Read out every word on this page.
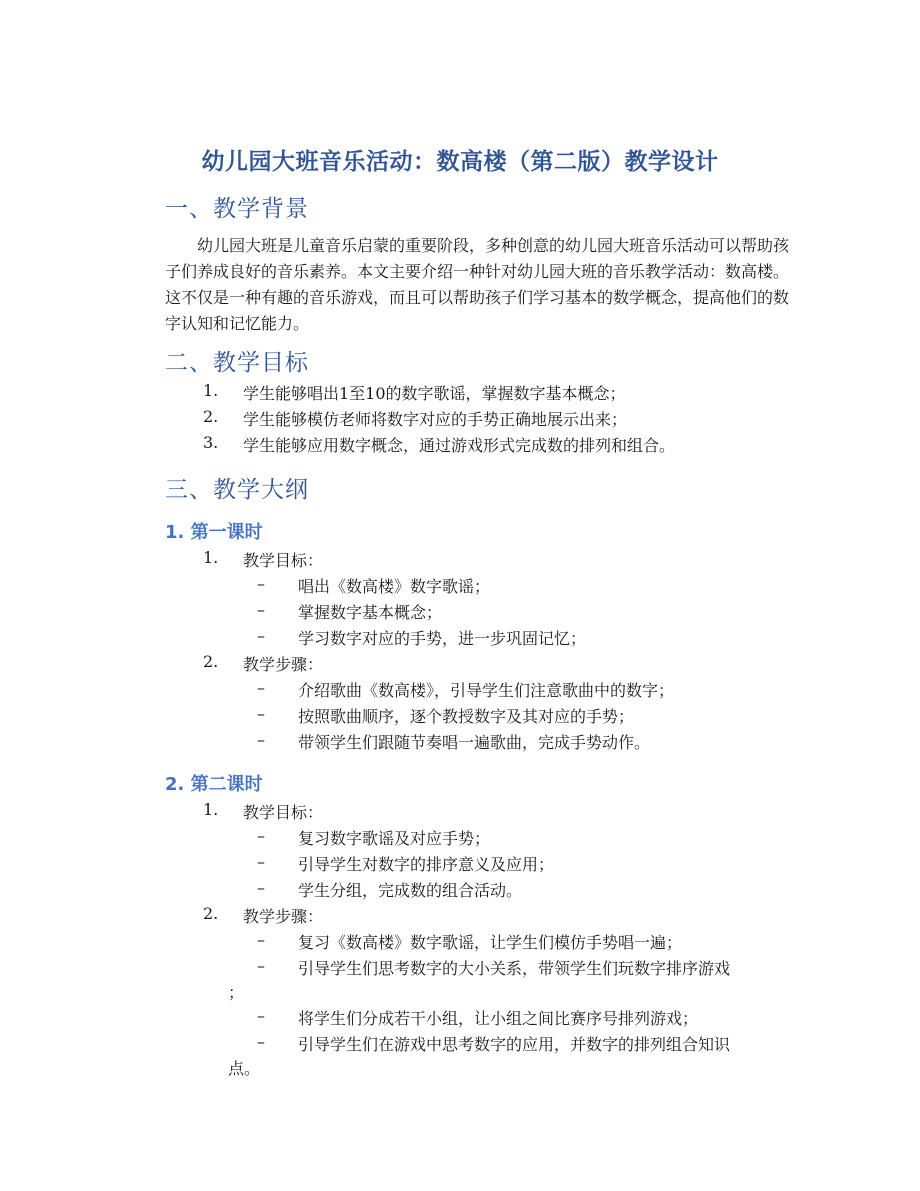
幼儿园大班音乐活动：数高楼（第二版）教学设计
一、教学背景
幼儿园大班是儿童音乐启蒙的重要阶段，多种创意的幼儿园大班音乐活动可以帮助孩子们养成良好的音乐素养。本文主要介绍一种针对幼儿园大班的音乐教学活动：数高楼。这不仅是一种有趣的音乐游戏，而且可以帮助孩子们学习基本的数学概念，提高他们的数字认知和记忆能力。
二、教学目标
1. 学生能够唱出1至10的数字歌谣，掌握数字基本概念；
2. 学生能够模仿老师将数字对应的手势正确地展示出来；
3. 学生能够应用数字概念，通过游戏形式完成数的排列和组合。
三、教学大纲
1. 第一课时
1. 教学目标：
– 唱出《数高楼》数字歌谣；
– 掌握数字基本概念；
– 学习数字对应的手势，进一步巩固记忆；
2. 教学步骤：
– 介绍歌曲《数高楼》，引导学生们注意歌曲中的数字；
– 按照歌曲顺序，逐个教授数字及其对应的手势；
– 带领学生们跟随节奏唱一遍歌曲，完成手势动作。
2. 第二课时
1. 教学目标：
– 复习数字歌谣及对应手势；
– 引导学生对数字的排序意义及应用；
– 学生分组，完成数的组合活动。
2. 教学步骤：
– 复习《数高楼》数字歌谣，让学生们模仿手势唱一遍；
– 引导学生们思考数字的大小关系，带领学生们玩数字排序游戏
；
– 将学生们分成若干小组，让小组之间比赛序号排列游戏；
– 引导学生们在游戏中思考数字的应用，并数字的排列组合知识
点。
